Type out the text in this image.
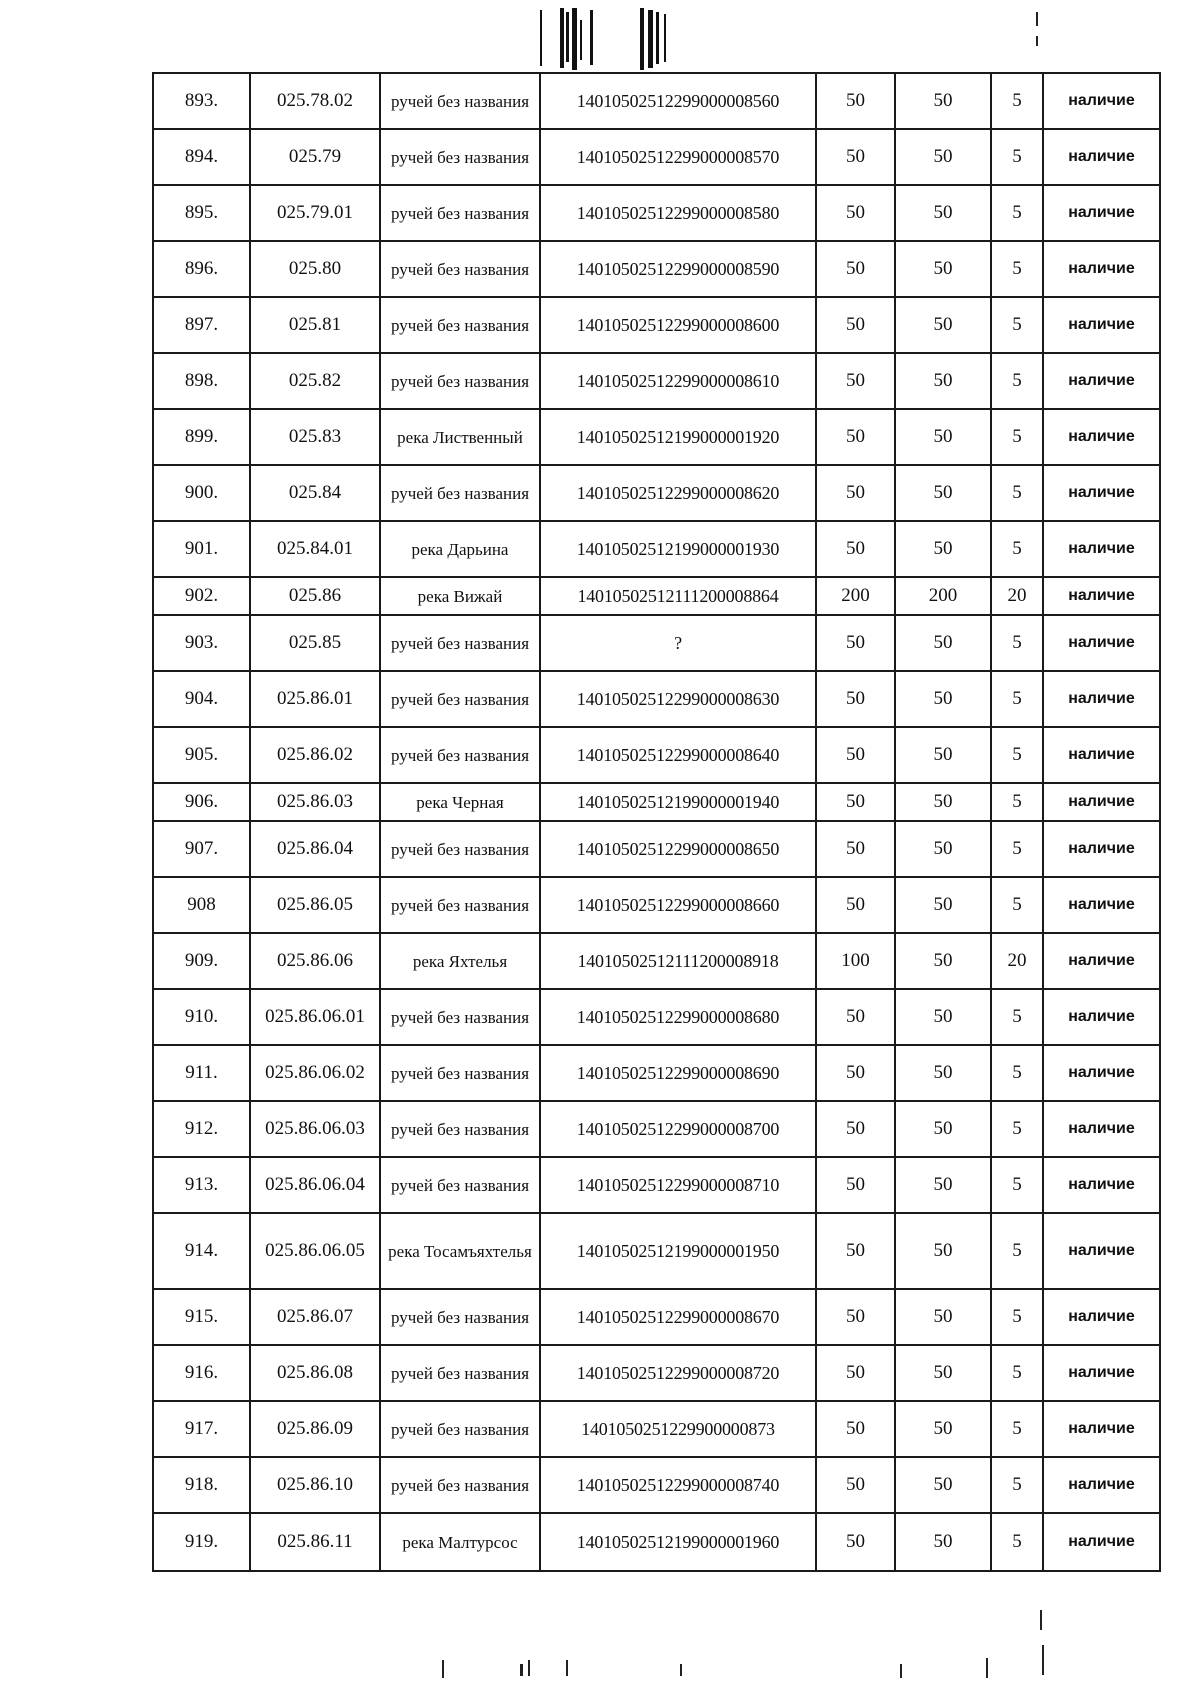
893.	025.78.02	ручей без названия	14010502512299000008560	50	50	5	наличие
894.	025.79	ручей без названия	14010502512299000008570	50	50	5	наличие
895.	025.79.01	ручей без названия	14010502512299000008580	50	50	5	наличие
896.	025.80	ручей без названия	14010502512299000008590	50	50	5	наличие
897.	025.81	ручей без названия	14010502512299000008600	50	50	5	наличие
898.	025.82	ручей без названия	14010502512299000008610	50	50	5	наличие
899.	025.83	река Лиственный	14010502512199000001920	50	50	5	наличие
900.	025.84	ручей без названия	14010502512299000008620	50	50	5	наличие
901.	025.84.01	река Дарьина	14010502512199000001930	50	50	5	наличие
902.	025.86	река Вижай	14010502512111200008864	200	200	20	наличие
903.	025.85	ручей без названия	?	50	50	5	наличие
904.	025.86.01	ручей без названия	14010502512299000008630	50	50	5	наличие
905.	025.86.02	ручей без названия	14010502512299000008640	50	50	5	наличие
906.	025.86.03	река Черная	14010502512199000001940	50	50	5	наличие
907.	025.86.04	ручей без названия	14010502512299000008650	50	50	5	наличие
908	025.86.05	ручей без названия	14010502512299000008660	50	50	5	наличие
909.	025.86.06	река Яхтелья	14010502512111200008918	100	50	20	наличие
910.	025.86.06.01	ручей без названия	14010502512299000008680	50	50	5	наличие
911.	025.86.06.02	ручей без названия	14010502512299000008690	50	50	5	наличие
912.	025.86.06.03	ручей без названия	14010502512299000008700	50	50	5	наличие
913.	025.86.06.04	ручей без названия	14010502512299000008710	50	50	5	наличие
914.	025.86.06.05	река Тосамъяхтелья	14010502512199000001950	50	50	5	наличие
915.	025.86.07	ручей без названия	14010502512299000008670	50	50	5	наличие
916.	025.86.08	ручей без названия	14010502512299000008720	50	50	5	наличие
917.	025.86.09	ручей без названия	1401050251229900000873	50	50	5	наличие
918.	025.86.10	ручей без названия	14010502512299000008740	50	50	5	наличие
919.	025.86.11	река Малтурсос	14010502512199000001960	50	50	5	наличие
